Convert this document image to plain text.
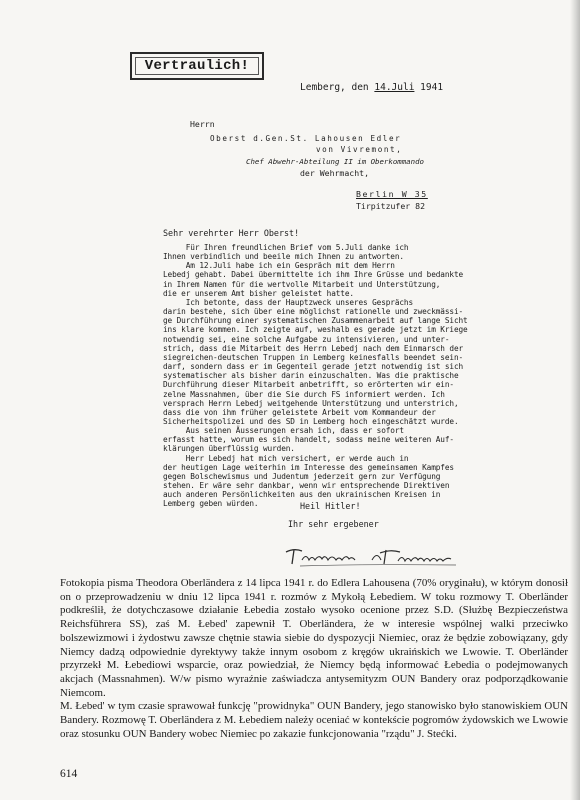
Vertraulich!
Lemberg, den 14.Juli 1941
Herrn
Oberst d.Gen.St. Lahousen Edler
von Vivremont,
Chef Abwehr-Abteilung II im Oberkommando
der Wehrmacht,
Berlin W 35
Tirpitzufer 82
Sehr verehrter Herr Oberst!
Für Ihren freundlichen Brief vom 5.Juli danke ich
Ihnen verbindlich und beeile mich Ihnen zu antworten.
Am 12.Juli habe ich ein Gespräch mit dem Herrn
Lebedj gehabt. Dabei übermittelte ich ihm Ihre Grüsse und bedankte
in Ihrem Namen für die wertvolle Mitarbeit und Unterstützung,
die er unserem Amt bisher geleistet hatte.
Ich betonte, dass der Hauptzweck unseres Gesprächs
darin bestehe, sich über eine möglichst rationelle und zweckmässi-
ge Durchführung einer systematischen Zusammenarbeit auf lange Sicht
ins klare kommen. Ich zeigte auf, weshalb es gerade jetzt im Kriege
notwendig sei, eine solche Aufgabe zu intensivieren, und unter-
strich, dass die Mitarbeit des Herrn Lebedj nach dem Einmarsch der
siegreichen-deutschen Truppen in Lemberg keinesfalls beendet sein-
darf, sondern dass er im Gegenteil gerade jetzt notwendig ist sich
systematischer als bisher darin einzuschalten. Was die praktische
Durchführung dieser Mitarbeit anbetrifft, so erörterten wir ein-
zelne Massnahmen, über die Sie durch FS informiert werden. Ich
versprach Herrn Lebedj weitgehende Unterstützung und unterstrich,
dass die von ihm früher geleistete Arbeit vom Kommandeur der
Sicherheitspolizei und des SD in Lemberg hoch eingeschätzt wurde.
Aus seinen Äusserungen ersah ich, dass er sofort
erfasst hatte, worum es sich handelt, sodass meine weiteren Auf-
klärungen überflüssig wurden.
Herr Lebedj hat mich versichert, er werde auch in
der heutigen Lage weiterhin im Interesse des gemeinsamen Kampfes
gegen Bolschewismus und Judentum jederzeit gern zur Verfügung
stehen. Er wäre sehr dankbar, wenn wir entsprechende Direktiven
auch anderen Persönlichkeiten aus den ukrainischen Kreisen in
Lemberg geben würden.	Heil Hitler!
Ihr sehr ergebener
Fotokopia pisma Theodora Oberländera z 14 lipca 1941 r. do Edlera Lahousena (70% oryginału), w którym donosił on o przeprowadzeniu w dniu 12 lipca 1941 r. rozmów z Mykołą Łebediem. W toku rozmowy T. Oberländer podkreślił, że dotychczasowe działanie Łebedia zostało wysoko ocenione przez S.D. (Służbę Bezpieczeństwa Reichsführera SS), zaś M. Łebed' zapewnił T. Oberländera, że w interesie wspólnej walki przeciwko bolszewizmowi i żydostwu zawsze chętnie stawia siebie do dyspozycji Niemiec, oraz że będzie zobowiązany, gdy Niemcy dadzą odpowiednie dyrektywy także innym osobom z kręgów ukraińskich we Lwowie. T. Oberländer przyrzekł M. Łebediowi wsparcie, oraz powiedział, że Niemcy będą informować Łebedia o podejmowanych akcjach (Massnahmen). W/w pismo wyraźnie zaświadcza antysemityzm OUN Bandery oraz podporządkowanie Niemcom.
M. Łebed' w tym czasie sprawował funkcję "prowidnyka" OUN Bandery, jego stanowisko było stanowiskiem OUN Bandery. Rozmowę T. Oberländera z M. Łebediem należy oceniać w kontekście pogromów żydowskich we Lwowie oraz stosunku OUN Bandery wobec Niemiec po zakazie funkcjonowania "rządu" J. Stećki.
614
